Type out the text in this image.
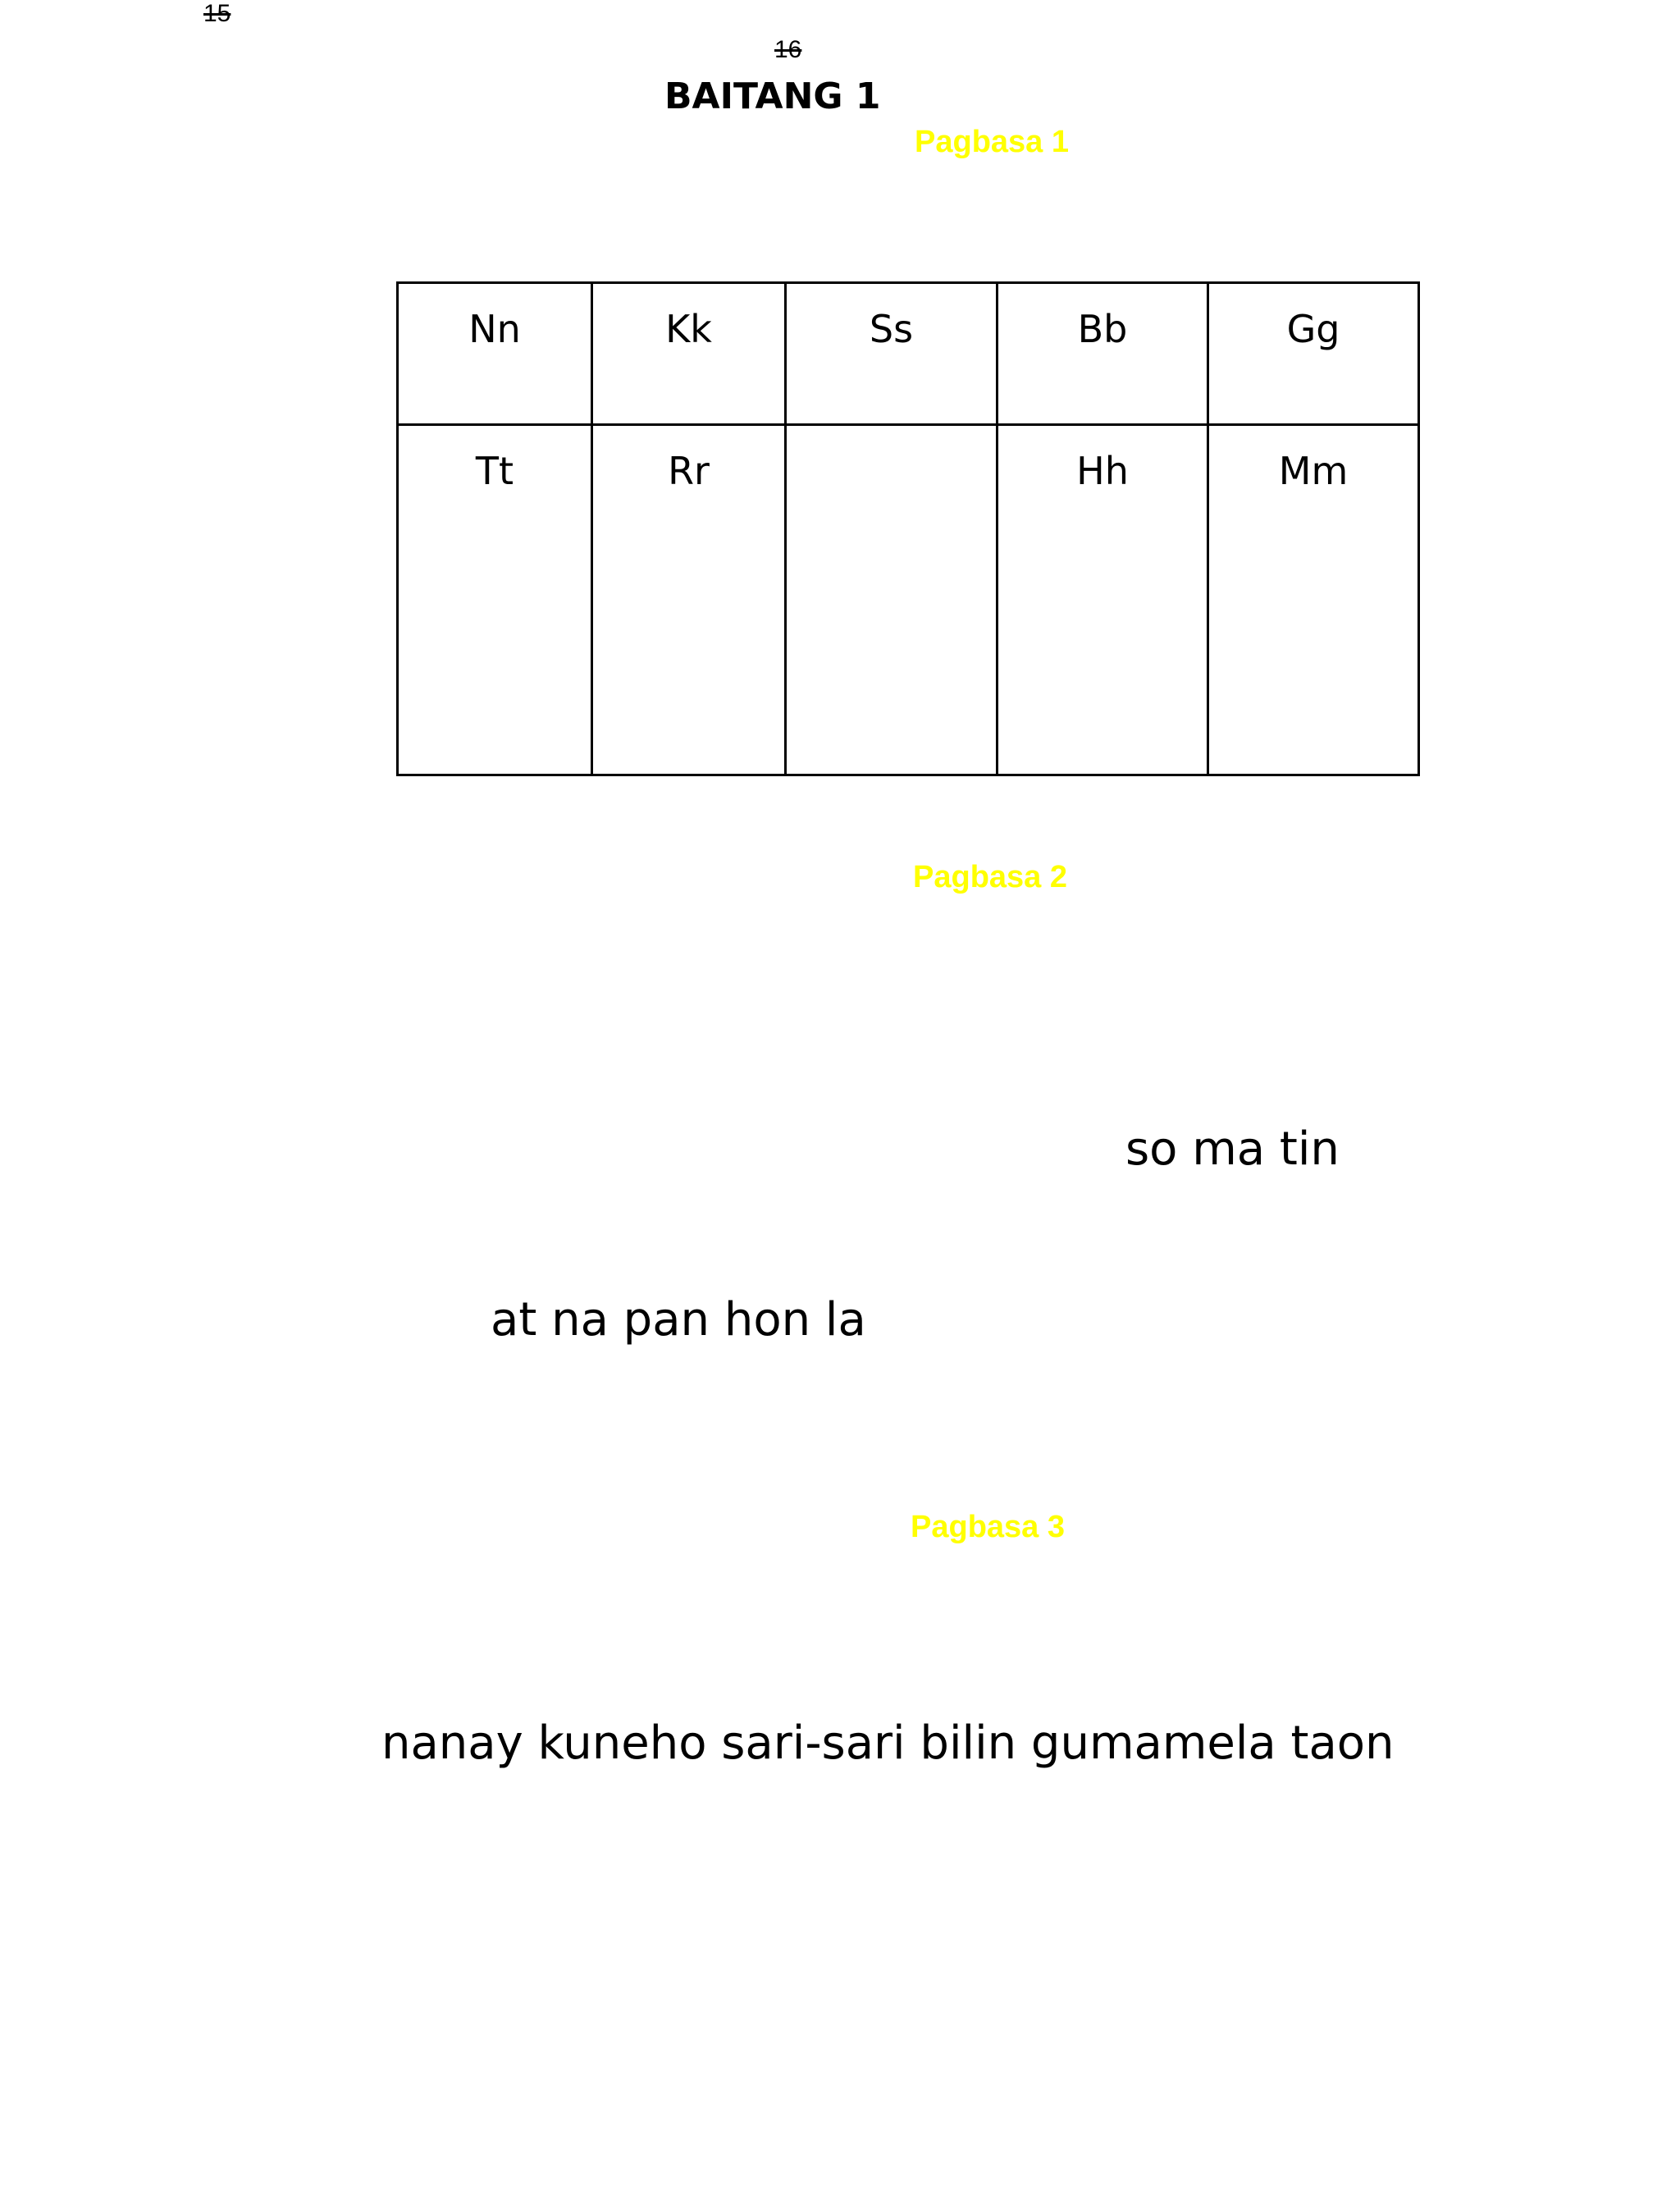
15
16
BAITANG 1
Pagbasa 1
Nn	Kk	Ss	Bb	Gg

Tt	Rr		Hh	Mm
Pagbasa 2
so ma tin
at na pan hon la
Pagbasa 3
nanay kuneho sari-sari bilin gumamela taon
